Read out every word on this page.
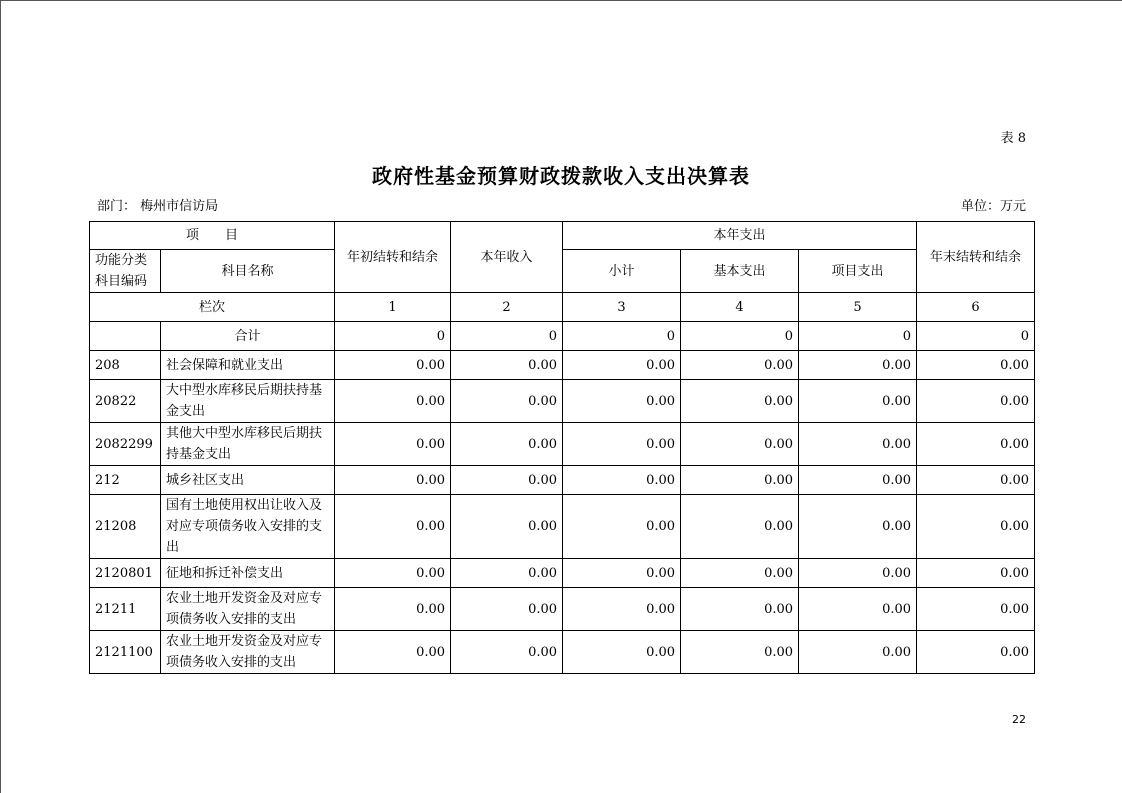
表 8
政府性基金预算财政拨款收入支出决算表
部门： 梅州市信访局	单位：万元
项　　目		年初结转和结余	本年收入	本年支出			年末结转和结余
功能分类科目编码	科目名称			小计	基本支出	项目支出	
栏次		1	2	3	4	5	6
	合计	0	0	0	0	0	0
208	社会保障和就业支出	0.00	0.00	0.00	0.00	0.00	0.00
20822	大中型水库移民后期扶持基金支出	0.00	0.00	0.00	0.00	0.00	0.00
2082299	其他大中型水库移民后期扶持基金支出	0.00	0.00	0.00	0.00	0.00	0.00
212	城乡社区支出	0.00	0.00	0.00	0.00	0.00	0.00
21208	国有土地使用权出让收入及对应专项债务收入安排的支出	0.00	0.00	0.00	0.00	0.00	0.00
2120801	征地和拆迁补偿支出	0.00	0.00	0.00	0.00	0.00	0.00
21211	农业土地开发资金及对应专项债务收入安排的支出	0.00	0.00	0.00	0.00	0.00	0.00
2121100	农业土地开发资金及对应专项债务收入安排的支出	0.00	0.00	0.00	0.00	0.00	0.00
22
